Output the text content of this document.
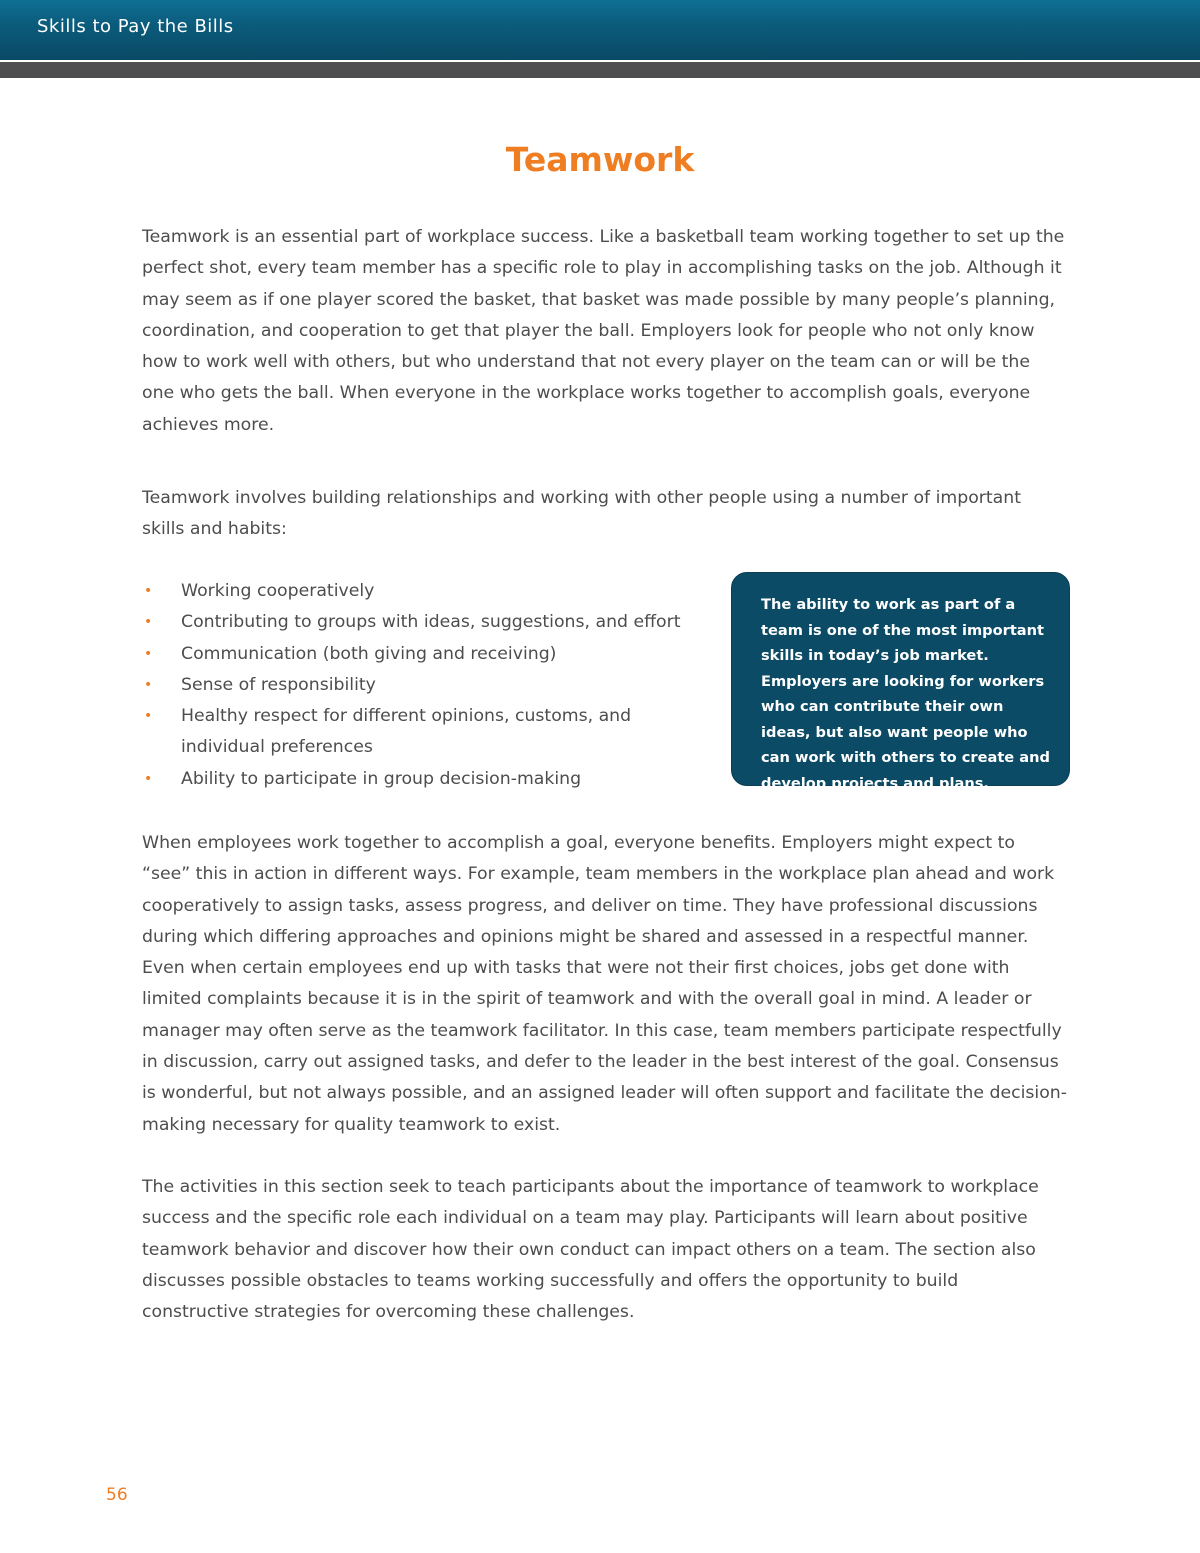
Skills to Pay the Bills
Teamwork

Teamwork is an essential part of workplace success. Like a basketball team working together to set up the perfect shot, every team member has a specific role to play in accomplishing tasks on the job. Although it may seem as if one player scored the basket, that basket was made possible by many people’s planning, coordination, and cooperation to get that player the ball. Employers look for people who not only know how to work well with others, but who understand that not every player on the team can or will be the one who gets the ball. When everyone in the workplace works together to accomplish goals, everyone achieves more.

Teamwork involves building relationships and working with other people using a number of important skills and habits:

• Working cooperatively
• Contributing to groups with ideas, suggestions, and effort
• Communication (both giving and receiving)
• Sense of responsibility
• Healthy respect for different opinions, customs, and individual preferences
• Ability to participate in group decision-making
The ability to work as part of a team is one of the most important skills in today’s job market. Employers are looking for workers who can contribute their own ideas, but also want people who can work with others to create and develop projects and plans.

When employees work together to accomplish a goal, everyone benefits. Employers might expect to “see” this in action in different ways. For example, team members in the workplace plan ahead and work cooperatively to assign tasks, assess progress, and deliver on time. They have professional discussions during which differing approaches and opinions might be shared and assessed in a respectful manner. Even when certain employees end up with tasks that were not their first choices, jobs get done with limited complaints because it is in the spirit of teamwork and with the overall goal in mind. A leader or manager may often serve as the teamwork facilitator. In this case, team members participate respectfully in discussion, carry out assigned tasks, and defer to the leader in the best interest of the goal. Consensus is wonderful, but not always possible, and an assigned leader will often support and facilitate the decision-making necessary for quality teamwork to exist.

The activities in this section seek to teach participants about the importance of teamwork to workplace success and the specific role each individual on a team may play. Participants will learn about positive teamwork behavior and discover how their own conduct can impact others on a team. The section also discusses possible obstacles to teams working successfully and offers the opportunity to build constructive strategies for overcoming these challenges.

56
